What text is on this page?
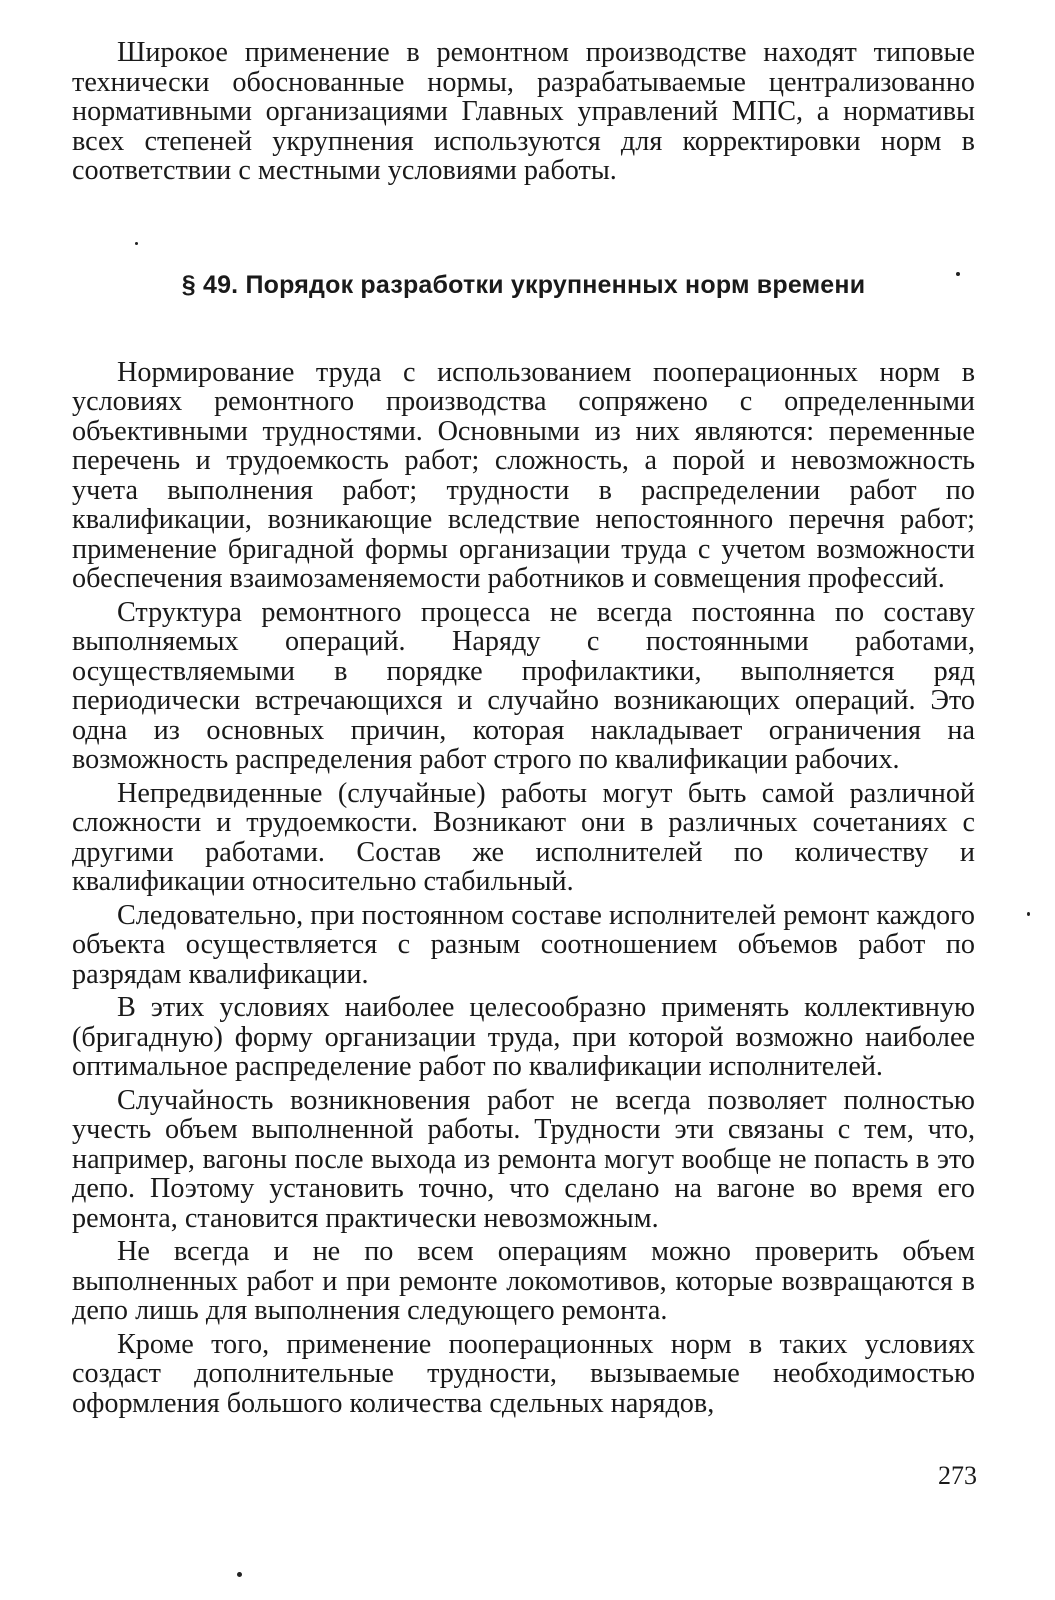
Широкое применение в ремонтном производстве находят типовые технически обоснованные нормы, разрабатываемые централизованно нормативными организациями Главных управлений МПС, а нормативы всех степеней укрупнения используются для корректировки норм в соответствии с местными условиями работы.

§ 49. Порядок разработки укрупненных норм времени

Нормирование труда с использованием пооперационных норм в условиях ремонтного производства сопряжено с определенными объективными трудностями. Основными из них являются: переменные перечень и трудоемкость работ; сложность, а порой и невозможность учета выполнения работ; трудности в распределении работ по квалификации, возникающие вследствие непостоянного перечня работ; применение бригадной формы организации труда с учетом возможности обеспечения взаимозаменяемости работников и совмещения профессий.

Структура ремонтного процесса не всегда постоянна по составу выполняемых операций. Наряду с постоянными работами, осуществляемыми в порядке профилактики, выполняется ряд периодически встречающихся и случайно возникающих операций. Это одна из основных причин, которая накладывает ограничения на возможность распределения работ строго по квалификации рабочих.

Непредвиденные (случайные) работы могут быть самой различной сложности и трудоемкости. Возникают они в различных сочетаниях с другими работами. Состав же исполнителей по количеству и квалификации относительно стабильный.

Следовательно, при постоянном составе исполнителей ремонт каждого объекта осуществляется с разным соотношением объемов работ по разрядам квалификации.

В этих условиях наиболее целесообразно применять коллективную (бригадную) форму организации труда, при которой возможно наиболее оптимальное распределение работ по квалификации исполнителей.

Случайность возникновения работ не всегда позволяет полностью учесть объем выполненной работы. Трудности эти связаны с тем, что, например, вагоны после выхода из ремонта могут вообще не попасть в это депо. Поэтому установить точно, что сделано на вагоне во время его ремонта, становится практически невозможным.

Не всегда и не по всем операциям можно проверить объем выполненных работ и при ремонте локомотивов, которые возвращаются в депо лишь для выполнения следующего ремонта.

Кроме того, применение пооперационных норм в таких условиях создаст дополнительные трудности, вызываемые необходимостью оформления большого количества сдельных нарядов,

273
